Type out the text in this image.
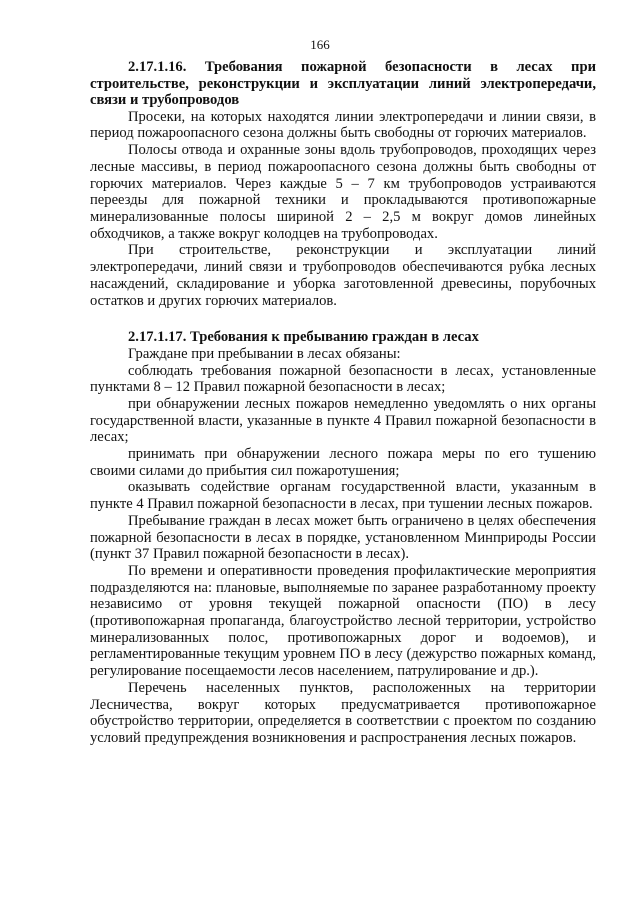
166

2.17.1.16. Требования пожарной безопасности в лесах при строительстве, реконструкции и эксплуатации линий электропередачи, связи и трубопроводов

Просеки, на которых находятся линии электропередачи и линии связи, в период пожароопасного сезона должны быть свободны от горючих материалов.

Полосы отвода и охранные зоны вдоль трубопроводов, проходящих через лесные массивы, в период пожароопасного сезона должны быть свободны от горючих материалов. Через каждые 5 – 7 км трубопроводов устраиваются переезды для пожарной техники и прокладываются противопожарные минерализованные полосы шириной 2 – 2,5 м вокруг домов линейных обходчиков, а также вокруг колодцев на трубопроводах.

При строительстве, реконструкции и эксплуатации линий электропередачи, линий связи и трубопроводов обеспечиваются рубка лесных насаждений, складирование и уборка заготовленной древесины, порубочных остатков и других горючих материалов.

2.17.1.17. Требования к пребыванию граждан в лесах

Граждане при пребывании в лесах обязаны:

соблюдать требования пожарной безопасности в лесах, установленные пунктами 8 – 12 Правил пожарной безопасности в лесах;

при обнаружении лесных пожаров немедленно уведомлять о них органы государственной власти, указанные в пункте 4 Правил пожарной безопасности в лесах;

принимать при обнаружении лесного пожара меры по его тушению своими силами до прибытия сил пожаротушения;

оказывать содействие органам государственной власти, указанным в пункте 4 Правил пожарной безопасности в лесах, при тушении лесных пожаров.

Пребывание граждан в лесах может быть ограничено в целях обеспечения пожарной безопасности в лесах в порядке, установленном Минприроды России (пункт 37 Правил пожарной безопасности в лесах).

По времени и оперативности проведения профилактические мероприятия подразделяются на: плановые, выполняемые по заранее разработанному проекту независимо от уровня текущей пожарной опасности (ПО) в лесу (противопожарная пропаганда, благоустройство лесной территории, устройство минерализованных полос, противопожарных дорог и водоемов), и регламентированные текущим уровнем ПО в лесу (дежурство пожарных команд, регулирование посещаемости лесов населением, патрулирование и др.).

Перечень населенных пунктов, расположенных на территории Лесничества, вокруг которых предусматривается противопожарное обустройство территории, определяется в соответствии с проектом по созданию условий предупреждения возникновения и распространения лесных пожаров.
